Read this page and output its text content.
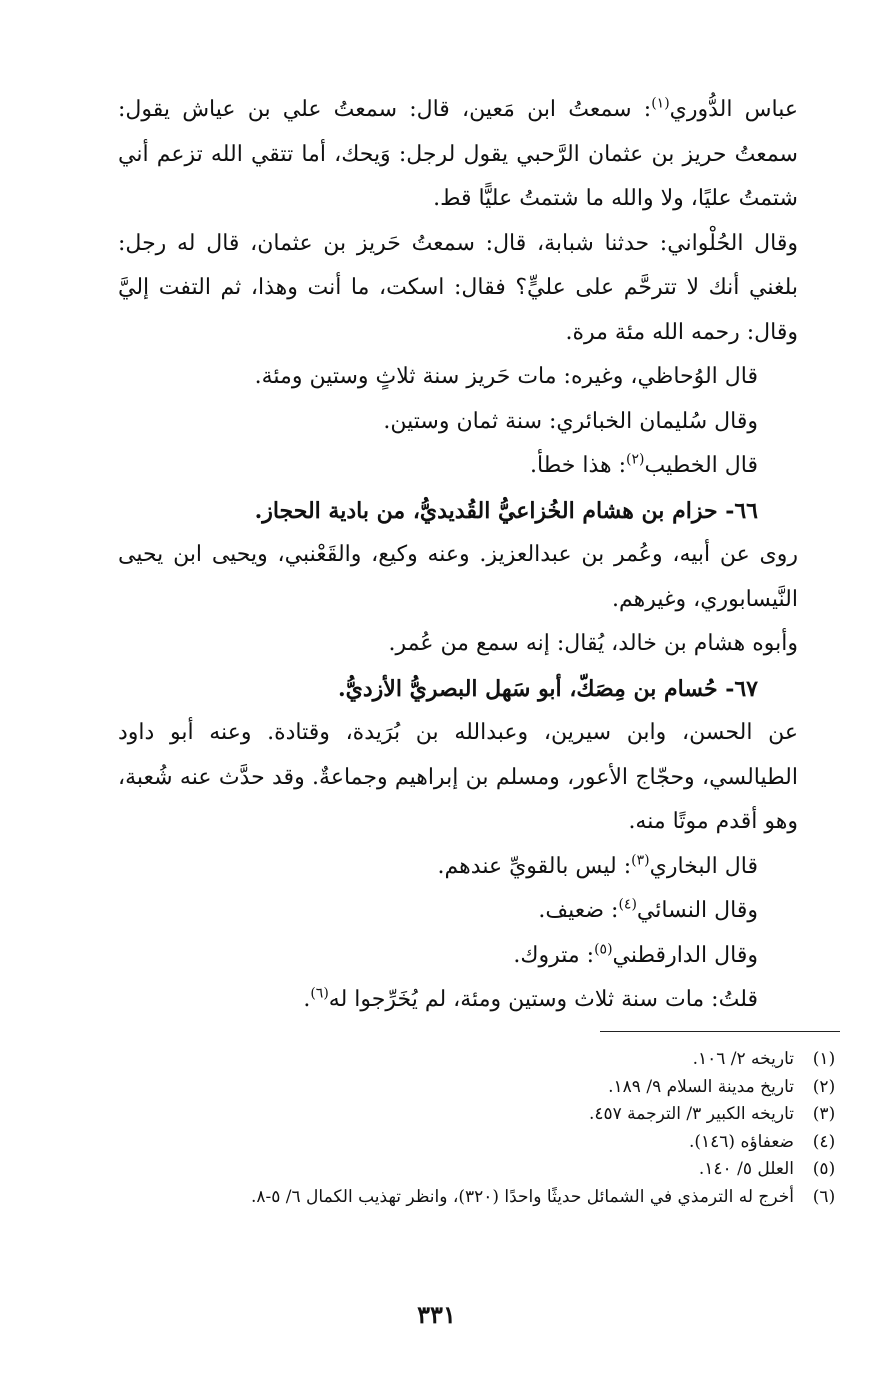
عباس الدُّوري$^{(١)}$: سمعتُ ابن مَعين، قال: سمعتُ علي بن عياش يقول: سمعتُ حريز بن عثمان الرَّحبي يقول لرجل: وَيحك، أما تتقي الله تزعم أني شتمتُ عليًا، ولا والله ما شتمتُ عليًّا قط.

وقال الحُلْواني: حدثنا شبابة، قال: سمعتُ حَريز بن عثمان، قال له رجل: بلغني أنك لا تترحَّم على عليٍّ؟ فقال: اسكت، ما أنت وهذا، ثم التفت إليَّ وقال: رحمه الله مئة مرة.

قال الوُحاظي، وغيره: مات حَريز سنة ثلاثٍ وستين ومئة.

وقال سُليمان الخبائري: سنة ثمان وستين.

قال الخطيب$^{(٢)}$: هذا خطأ.

٦٦- حزام بن هشام الخُزاعيُّ القُديديُّ، من بادية الحجاز.

روى عن أبيه، وعُمر بن عبدالعزيز. وعنه وكيع، والقَعْنبي، ويحيى ابن يحيى النَّيسابوري، وغيرهم.

وأبوه هشام بن خالد، يُقال: إنه سمع من عُمر.

٦٧- حُسام بن مِصَكّ، أبو سَهل البصريُّ الأزديُّ.

عن الحسن، وابن سيرين، وعبدالله بن بُرَيدة، وقتادة. وعنه أبو داود الطيالسي، وحجّاج الأعور، ومسلم بن إبراهيم وجماعةٌ. وقد حدَّث عنه شُعبة، وهو أقدم موتًا منه.

قال البخاري$^{(٣)}$: ليس بالقويِّ عندهم.

وقال النسائي$^{(٤)}$: ضعيف.

وقال الدارقطني$^{(٥)}$: متروك.

قلتُ: مات سنة ثلاث وستين ومئة، لم يُخَرِّجوا له$^{(٦)}$.

(١)
تاريخه ٢/ ١٠٦.
(٢)
تاريخ مدينة السلام ٩/ ١٨٩.
(٣)
تاريخه الكبير ٣/ الترجمة ٤٥٧.
(٤)
ضعفاؤه (١٤٦).
(٥)
العلل ٥/ ١٤٠.
(٦)
أخرج له الترمذي في الشمائل حديثًا واحدًا (٣٢٠)، وانظر تهذيب الكمال ٦/ ٥-٨.
٣٣١
